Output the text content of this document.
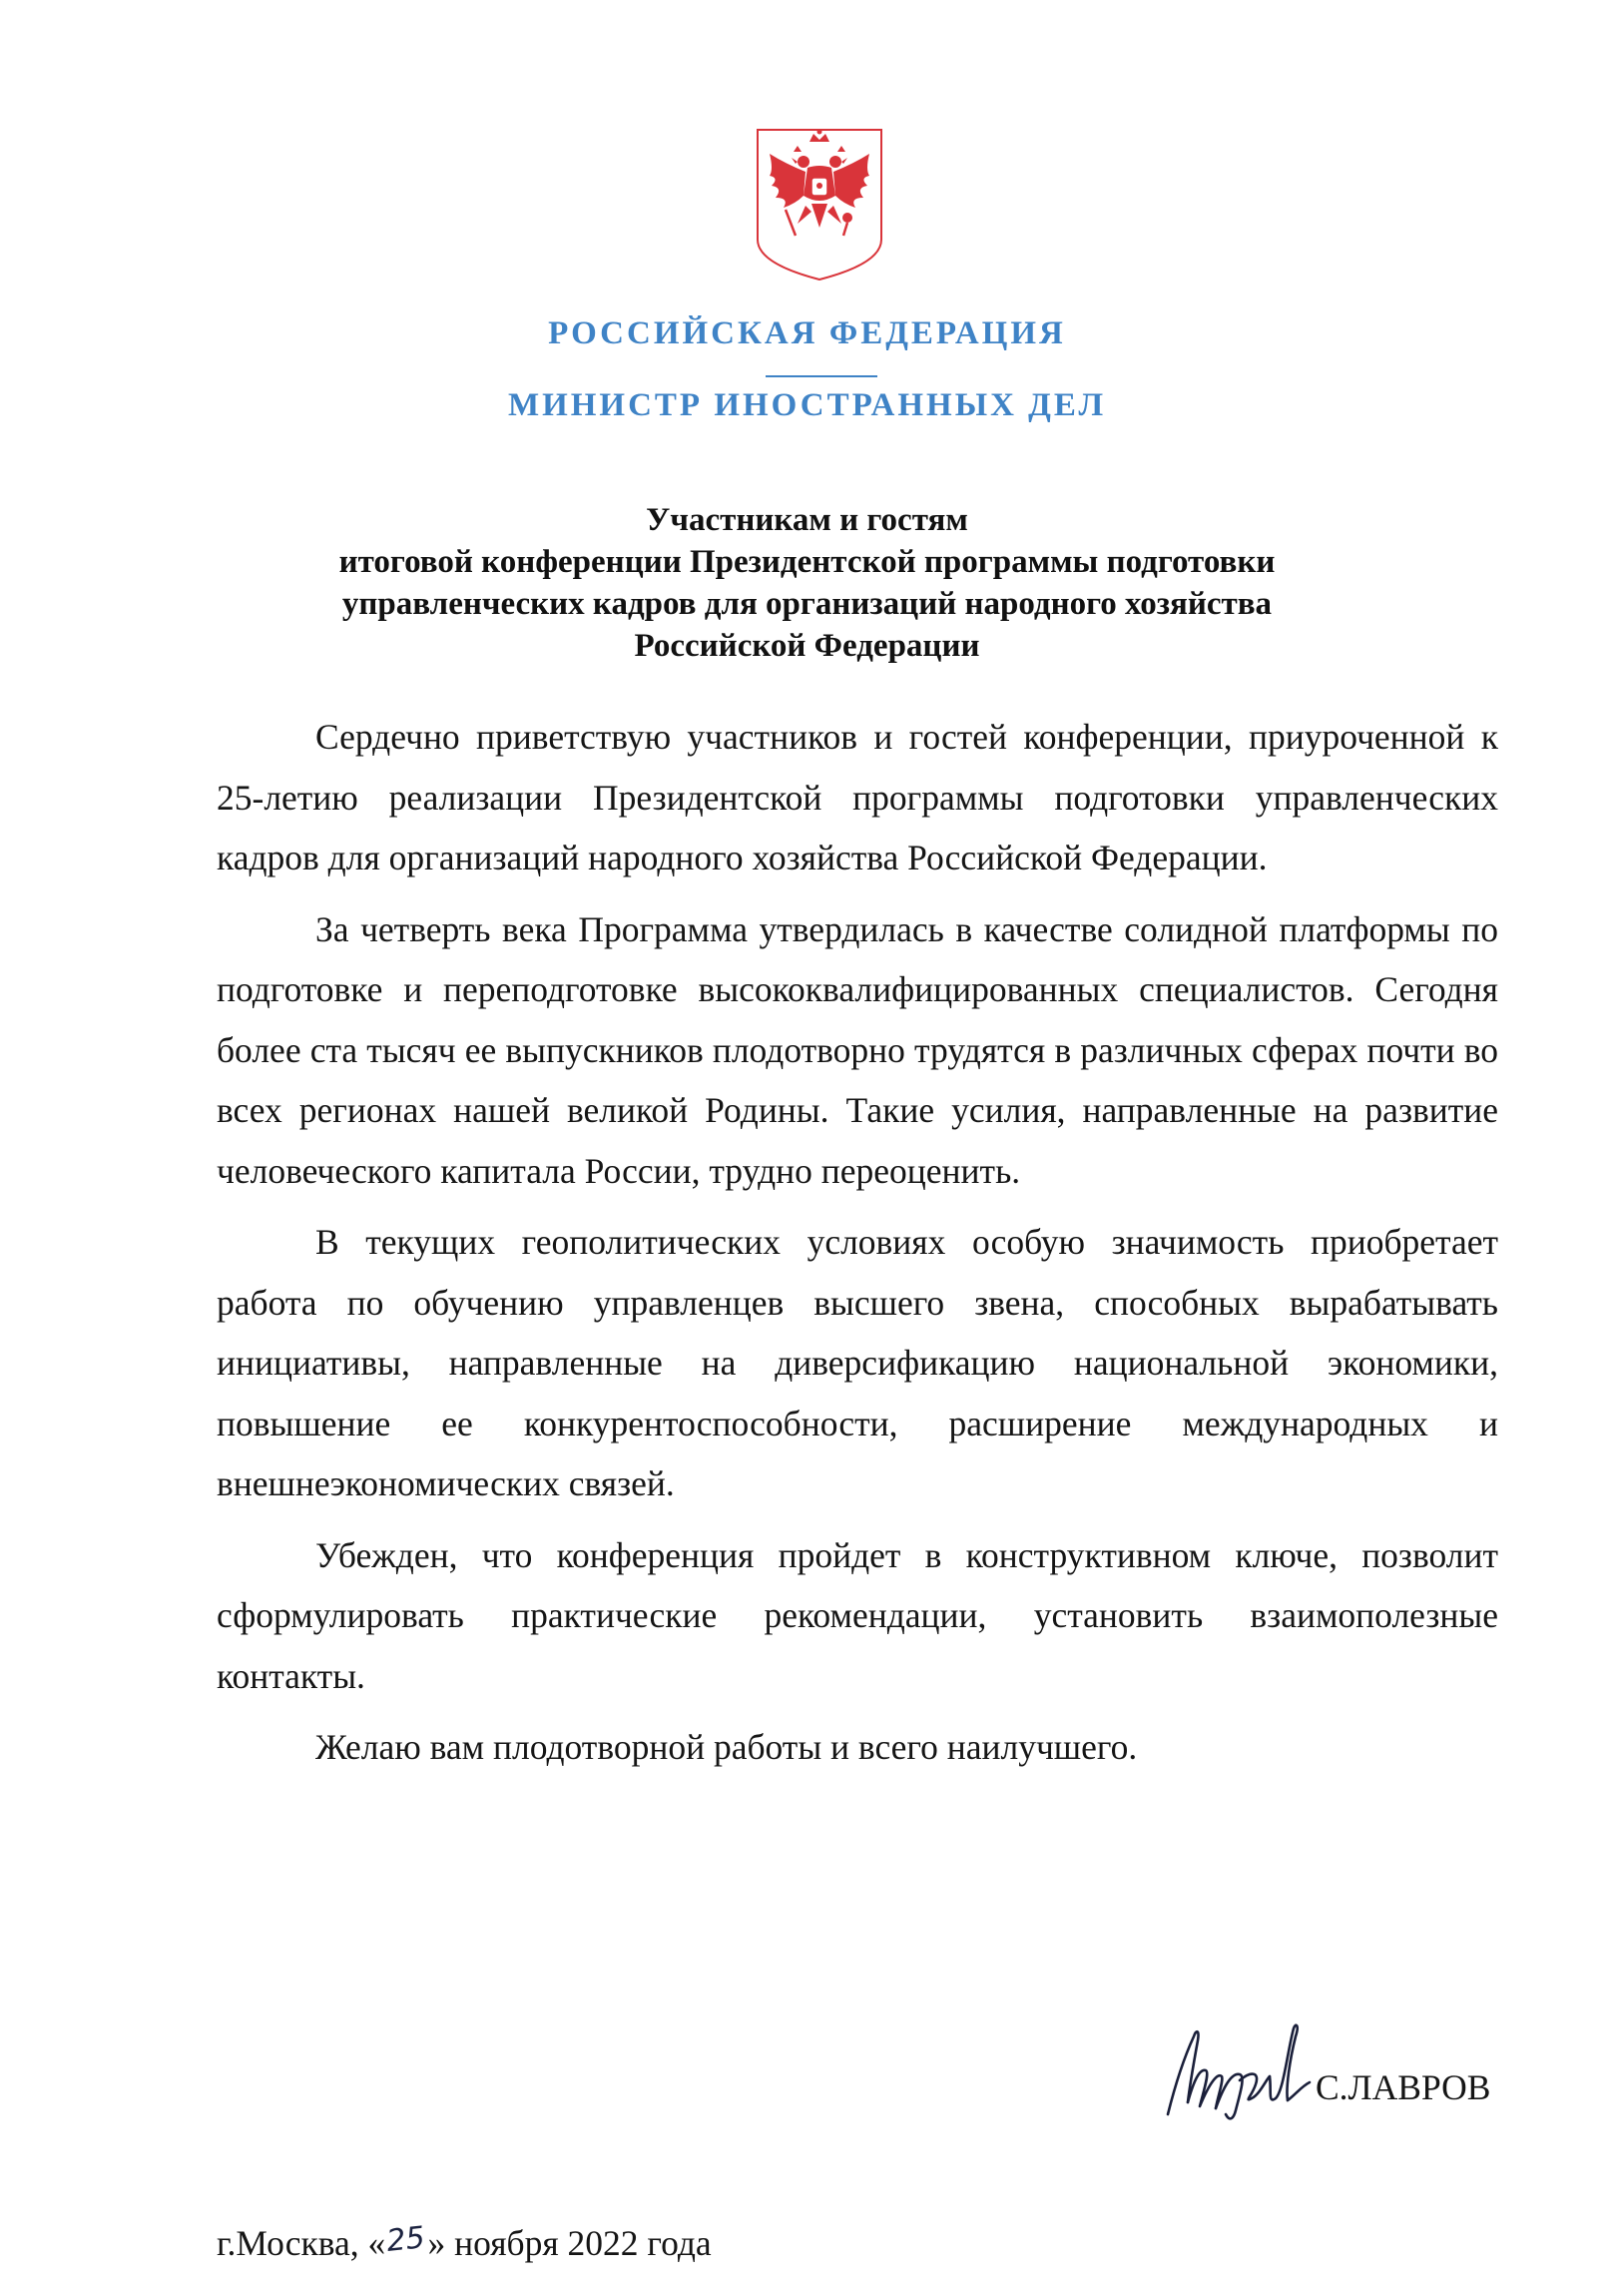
РОССИЙСКАЯ ФЕДЕРАЦИЯ
МИНИСТР ИНОСТРАННЫХ ДЕЛ
Участникам и гостям
итоговой конференции Президентской программы подготовки
управленческих кадров для организаций народного хозяйства
Российской Федерации

Сердечно приветствую участников и гостей конференции, приуроченной к 25-летию реализации Президентской программы подготовки управленческих кадров для организаций народного хозяйства Российской Федерации.

За четверть века Программа утвердилась в качестве солидной платформы по подготовке и переподготовке высококвалифицированных специалистов. Сегодня более ста тысяч ее выпускников плодотворно трудятся в различных сферах почти во всех регионах нашей великой Родины. Такие усилия, направленные на развитие человеческого капитала России, трудно переоценить.

В текущих геополитических условиях особую значимость приобретает работа по обучению управленцев высшего звена, способных вырабатывать инициативы, направленные на диверсификацию национальной экономики, повышение ее конкурентоспособности, расширение международных и внешнеэкономических связей.

Убежден, что конференция пройдет в конструктивном ключе, позволит сформулировать практические рекомендации, установить взаимополезные контакты.

Желаю вам плодотворной работы и всего наилучшего.

С.ЛАВРОВ
г.Москва, «25» ноября 2022 года
